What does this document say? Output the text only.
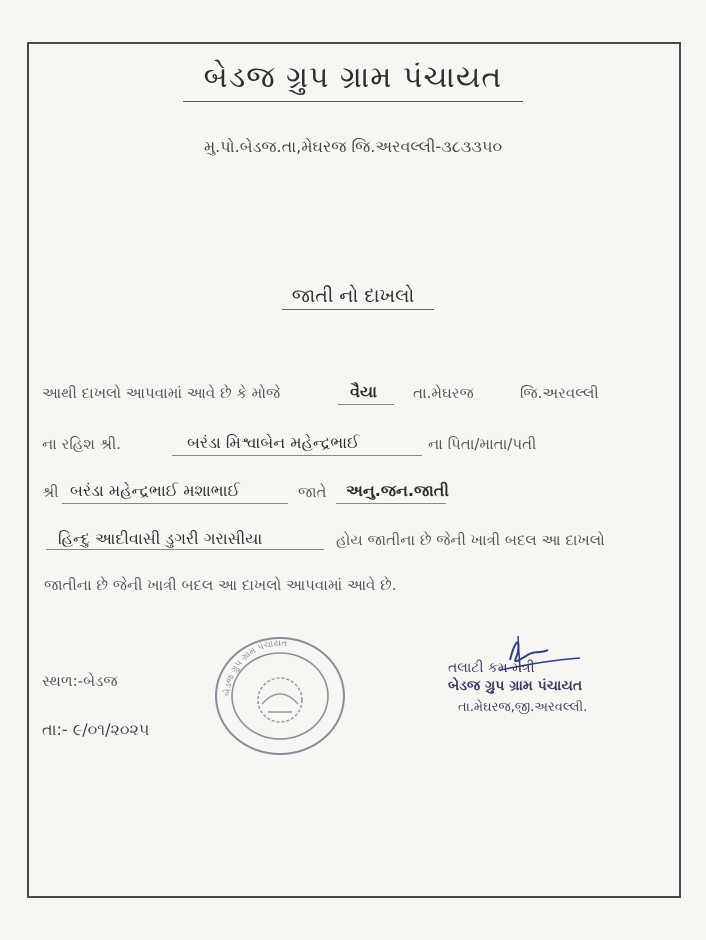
બેડજ ગ્રુપ ગ્રામ પંચાયત
મુ.પો.બેડજ.તા,મેઘરજ જિ.અરવલ્લી-૩૮૩૩૫૦
જાતી નો દાખલો
આથી દાખલો આપવામાં આવે છે કે મોજે	વૈયા તા.મેઘરજ	જિ.અરવલ્લી
ના રહિશ શ્રી.	બરંડા મિશ્વાબેન મહેન્દ્રભાઈ	ના પિતા/માતા/પતી
શ્રી બરંડા મહેન્દ્રભાઈ મશાભાઈ	જાતે અનુ.જન.જાતી
હિન્દુ આદીવાસી ડુગરી ગરાસીયા	હોય જાતીના છે જેની ખાત્રી બદલ આ દાખલો
જાતીના છે જેની ખાત્રી બદલ આ દાખલો આપવામાં આવે છે.
સ્થળ:-બેડજ
તા:- ૯/૦૧/૨૦૨૫
બેડજ ગ્રુપ ગ્રામ પંચાયત
તલાટી કમ મંત્રી
બેડજ ગ્રુપ ગ્રામ પંચાયત
તા.મેઘરજ,જી.અરવલ્લી.
